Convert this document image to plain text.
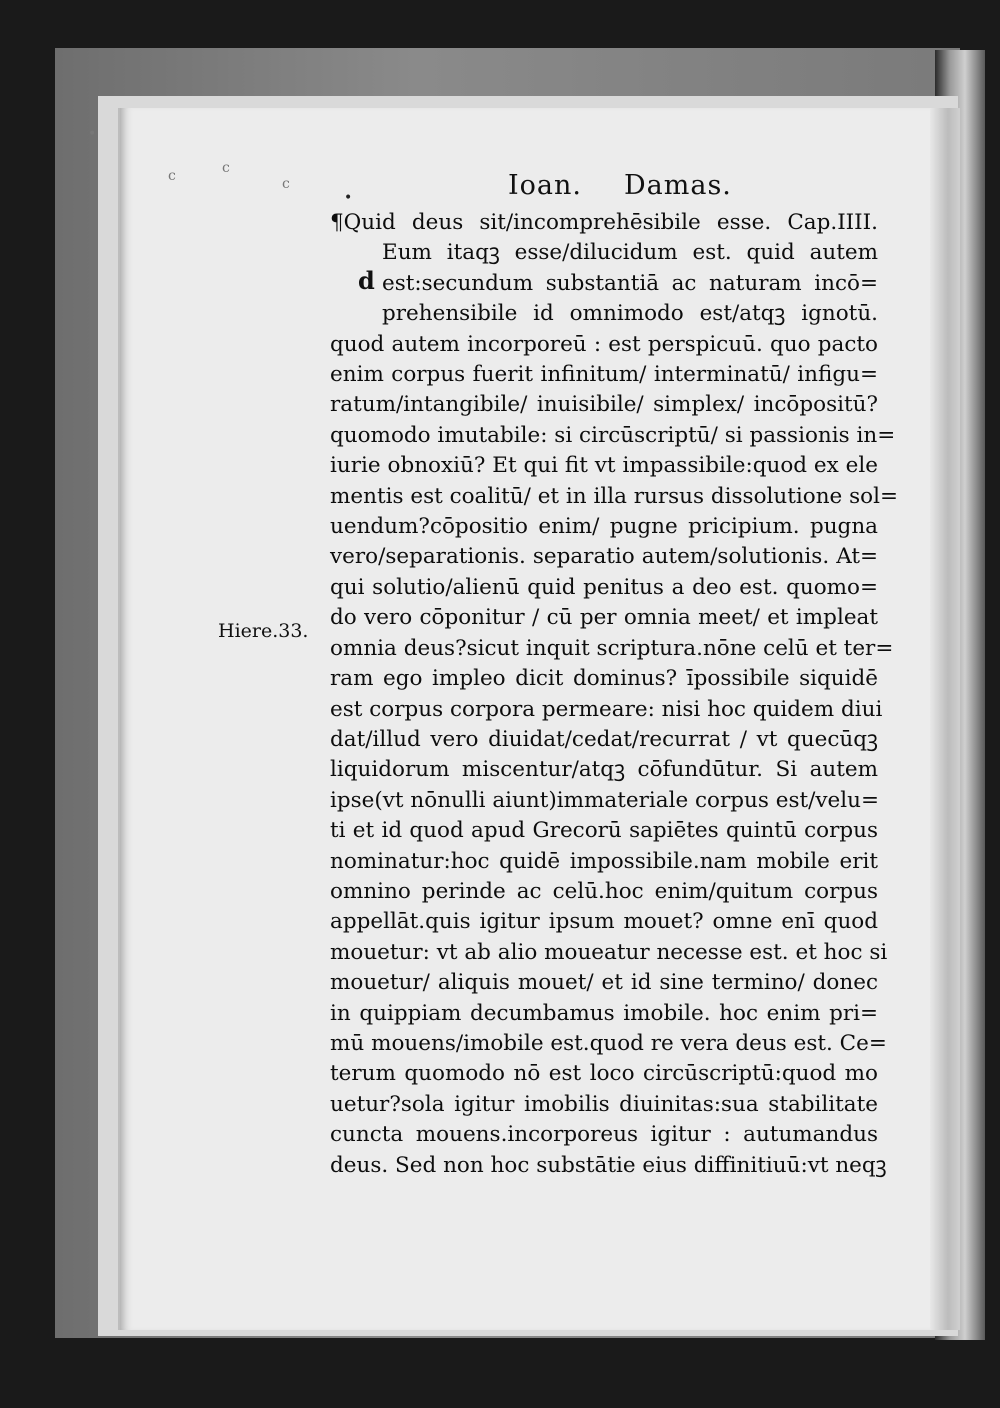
•
c
c	c
•	Ioan. Damas.
d
Hiere.33.
¶Quid deus sit/incomprehēsibile esse. Cap.IIII.
Eum itaqꝫ esse/dilucidum est. quid autem
est:secundum substantiā ac naturam incō=
prehensibile id omnimodo est/atqꝫ ignotū.
quod autem incorporeū : est perspicuū. quo pacto
enim corpus fuerit infinitum/ interminatū/ infigu=
ratum/intangibile/ inuisibile/ simplex/ incōpositū?
quomodo imutabile: si circūscriptū/ si passionis in=
iurie obnoxiū? Et qui fit vt impassibile:quod ex ele
mentis est coalitū/ et in illa rursus dissolutione sol=
uendum?cōpositio enim/ pugne pricipium. pugna
vero/separationis. separatio autem/solutionis. At=
qui solutio/alienū quid penitus a deo est. quomo=
do vero cōponitur / cū per omnia meet/ et impleat
omnia deus?sicut inquit scriptura.nōne celū et ter=
ram ego impleo dicit dominus? īpossibile siquidē
est corpus corpora permeare: nisi hoc quidem diui
dat/illud vero diuidat/cedat/recurrat / vt quecūqꝫ
liquidorum miscentur/atqꝫ cōfundūtur. Si autem
ipse(vt nōnulli aiunt)immateriale corpus est/velu=
ti et id quod apud Grecorū sapiētes quintū corpus
nominatur:hoc quidē impossibile.nam mobile erit
omnino perinde ac celū.hoc enim/quitum corpus
appellāt.quis igitur ipsum mouet? omne enī quod
mouetur: vt ab alio moueatur necesse est. et hoc si
mouetur/ aliquis mouet/ et id sine termino/ donec
in quippiam decumbamus imobile. hoc enim pri=
mū mouens/imobile est.quod re vera deus est. Ce=
terum quomodo nō est loco circūscriptū:quod mo
uetur?sola igitur imobilis diuinitas:sua stabilitate
cuncta mouens.incorporeus igitur : autumandus
deus. Sed non hoc substātie eius diffinitiuū:vt neqꝫ
